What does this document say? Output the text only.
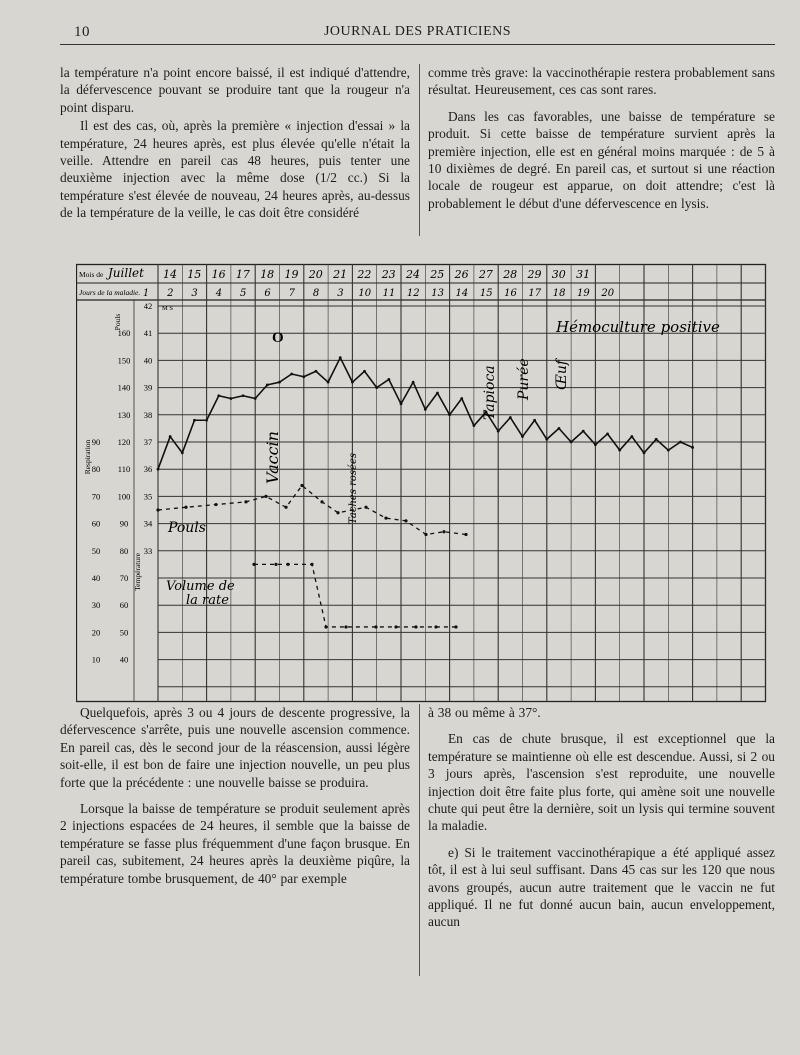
10	JOURNAL DES PRATICIENS

la température n'a point encore baissé, il est indiqué d'attendre, la défervescence pouvant se produire tant que la rougeur n'a point disparu.

Il est des cas, où, après la première « injection d'essai » la température, 24 heures après, est plus élevée qu'elle n'était la veille. Attendre en pareil cas 48 heures, puis tenter une deuxième injection avec la même dose (1/2 cc.) Si la température s'est élevée de nouveau, 24 heures après, au-dessus de la température de la veille, le cas doit être considéré

comme très grave: la vaccinothérapie restera probablement sans résultat. Heureusement, ces cas sont rares.

Dans les cas favorables, une baisse de température se produit. Si cette baisse de température survient après la première injection, elle est en général moins marquée : de 5 à 10 dixièmes de degré. En pareil cas, et surtout si une réaction locale de rougeur est apparue, on doit attendre; c'est là probablement le début d'une défervescence en lysis.

Mois de Juillet
Jours de la maladie.
14 15 16 17 18 19 20 21 22 23 24 25 26 27 28 29 30 31
1 2 3 4 5 6 7 8 3 10 11 12 13 14 15 16 17 18 19 20
M S
Respiration
Pouls
Température
42
41
40
39
38
37
36
35
34
33
160
150
140
130
120
110
100
90
80
70
60
50
40
90
80
70
60
50
40
30
20
10
Hémoculture positive
O
Vaccin	Taches rosées
Tapioca Purée Œuf
Pouls
Volume de
la rate

Quelquefois, après 3 ou 4 jours de descente progressive, la défervescence s'arrête, puis une nouvelle ascension commence. En pareil cas, dès le second jour de la réascension, aussi légère soit-elle, il est bon de faire une injection nouvelle, un peu plus forte que la précédente : une nouvelle baisse se produira.

Lorsque la baisse de température se produit seulement après 2 injections espacées de 24 heures, il semble que la baisse de température se fasse plus fréquemment d'une façon brusque. En pareil cas, subitement, 24 heures après la deuxième piqûre, la température tombe brusquement, de 40° par exemple

à 38 ou même à 37°.

En cas de chute brusque, il est exceptionnel que la température se maintienne où elle est descendue. Aussi, si 2 ou 3 jours après, l'ascension s'est reproduite, une nouvelle injection doit être faite plus forte, qui amène soit une nouvelle chute qui peut être la dernière, soit un lysis qui termine souvent la maladie.

e) Si le traitement vaccinothérapique a été appliqué assez tôt, il est à lui seul suffisant. Dans 45 cas sur les 120 que nous avons groupés, aucun autre traitement que le vaccin ne fut appliqué. Il ne fut donné aucun bain, aucun enveloppement, aucun
